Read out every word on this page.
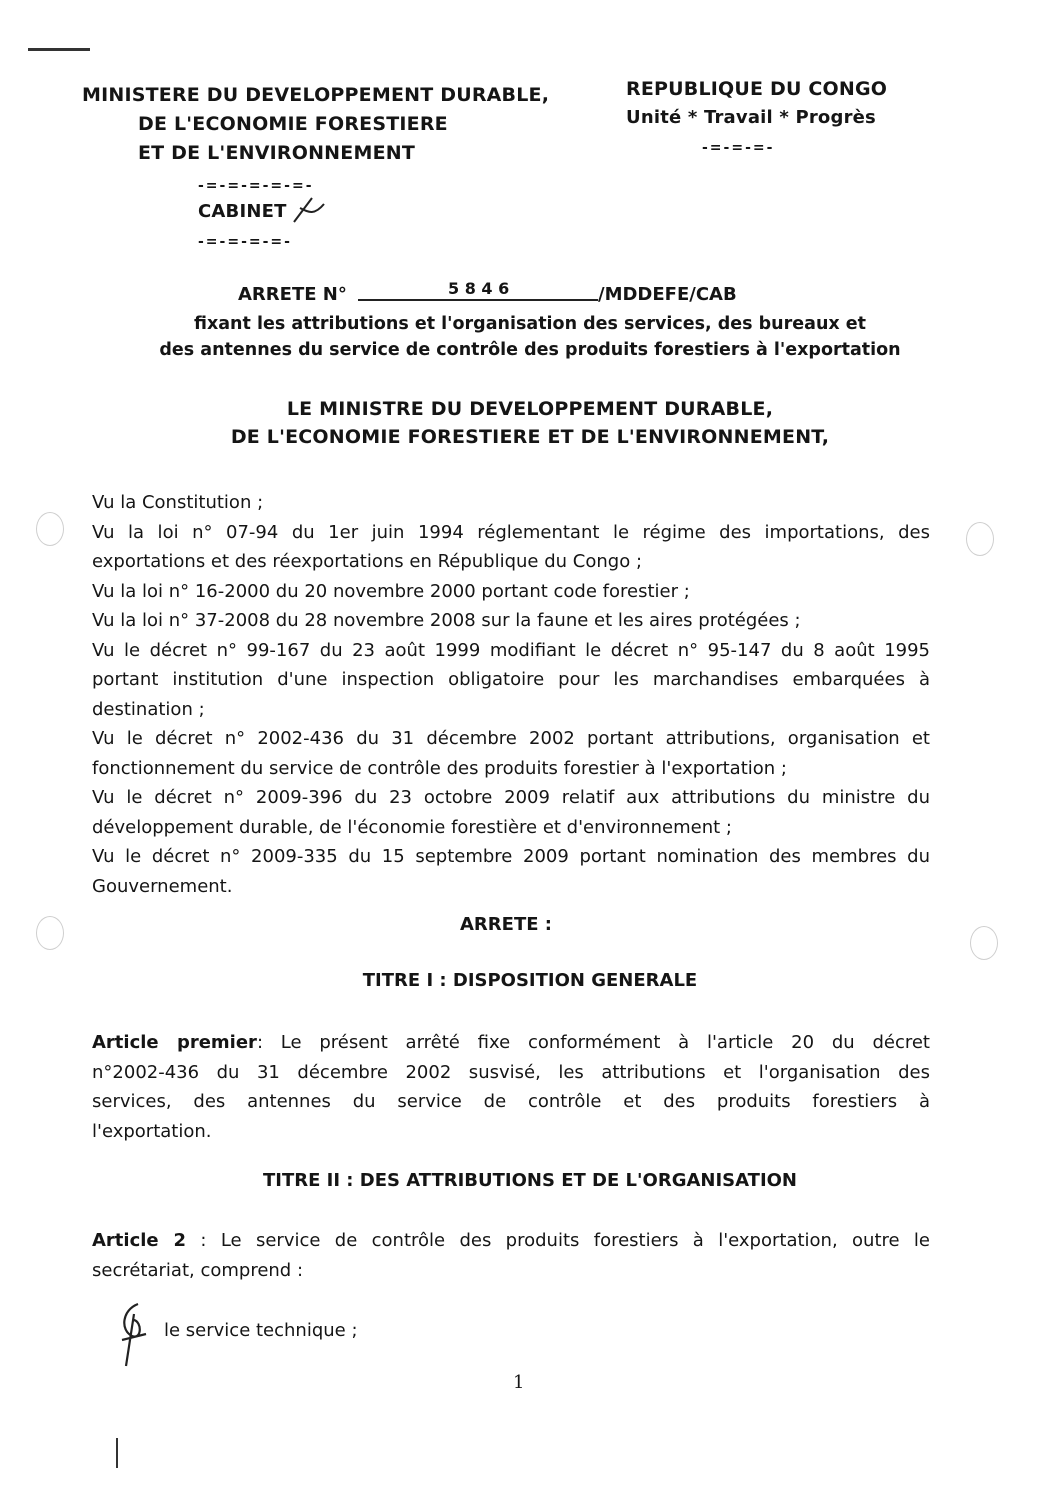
MINISTERE DU DEVELOPPEMENT DURABLE,
DE L'ECONOMIE FORESTIERE
ET DE L'ENVIRONNEMENT
-=-=-=-=-=-
CABINET
-=-=-=-=-
REPUBLIQUE DU CONGO
Unité * Travail * Progrès
-=-=-=-
ARRETE N°	5 8 4 6	/MDDEFE/CAB
fixant les attributions et l'organisation des services, des bureaux et
des antennes du service de contrôle des produits forestiers à l'exportation
LE MINISTRE DU DEVELOPPEMENT DURABLE,
DE L'ECONOMIE FORESTIERE ET DE L'ENVIRONNEMENT,
Vu la Constitution ;
Vu la loi n° 07-94 du 1er juin 1994 réglementant le régime des importations, des
exportations et des réexportations en République du Congo ;
Vu la loi n° 16-2000 du 20 novembre 2000 portant code forestier ;
Vu la loi n° 37-2008 du 28 novembre 2008 sur la faune et les aires protégées ;
Vu le décret n° 99-167 du 23 août 1999 modifiant le décret n° 95-147 du 8 août 1995
portant institution d'une inspection obligatoire pour les marchandises embarquées à
destination ;
Vu le décret n° 2002-436 du 31 décembre 2002 portant attributions, organisation et
fonctionnement du service de contrôle des produits forestier à l'exportation ;
Vu le décret n° 2009-396 du 23 octobre 2009 relatif aux attributions du ministre du
développement durable, de l'économie forestière et d'environnement ;
Vu le décret n° 2009-335 du 15 septembre 2009 portant nomination des membres du
Gouvernement.
ARRETE :
TITRE I : DISPOSITION GENERALE
Article premier: Le présent arrêté fixe conformément à l'article 20 du décret
n°2002-436 du 31 décembre 2002 susvisé, les attributions et l'organisation des
services, des antennes du service de contrôle et des produits forestiers à
l'exportation.
TITRE II : DES ATTRIBUTIONS ET DE L'ORGANISATION
Article 2 : Le service de contrôle des produits forestiers à l'exportation, outre le
secrétariat, comprend :
le service technique ;
1
